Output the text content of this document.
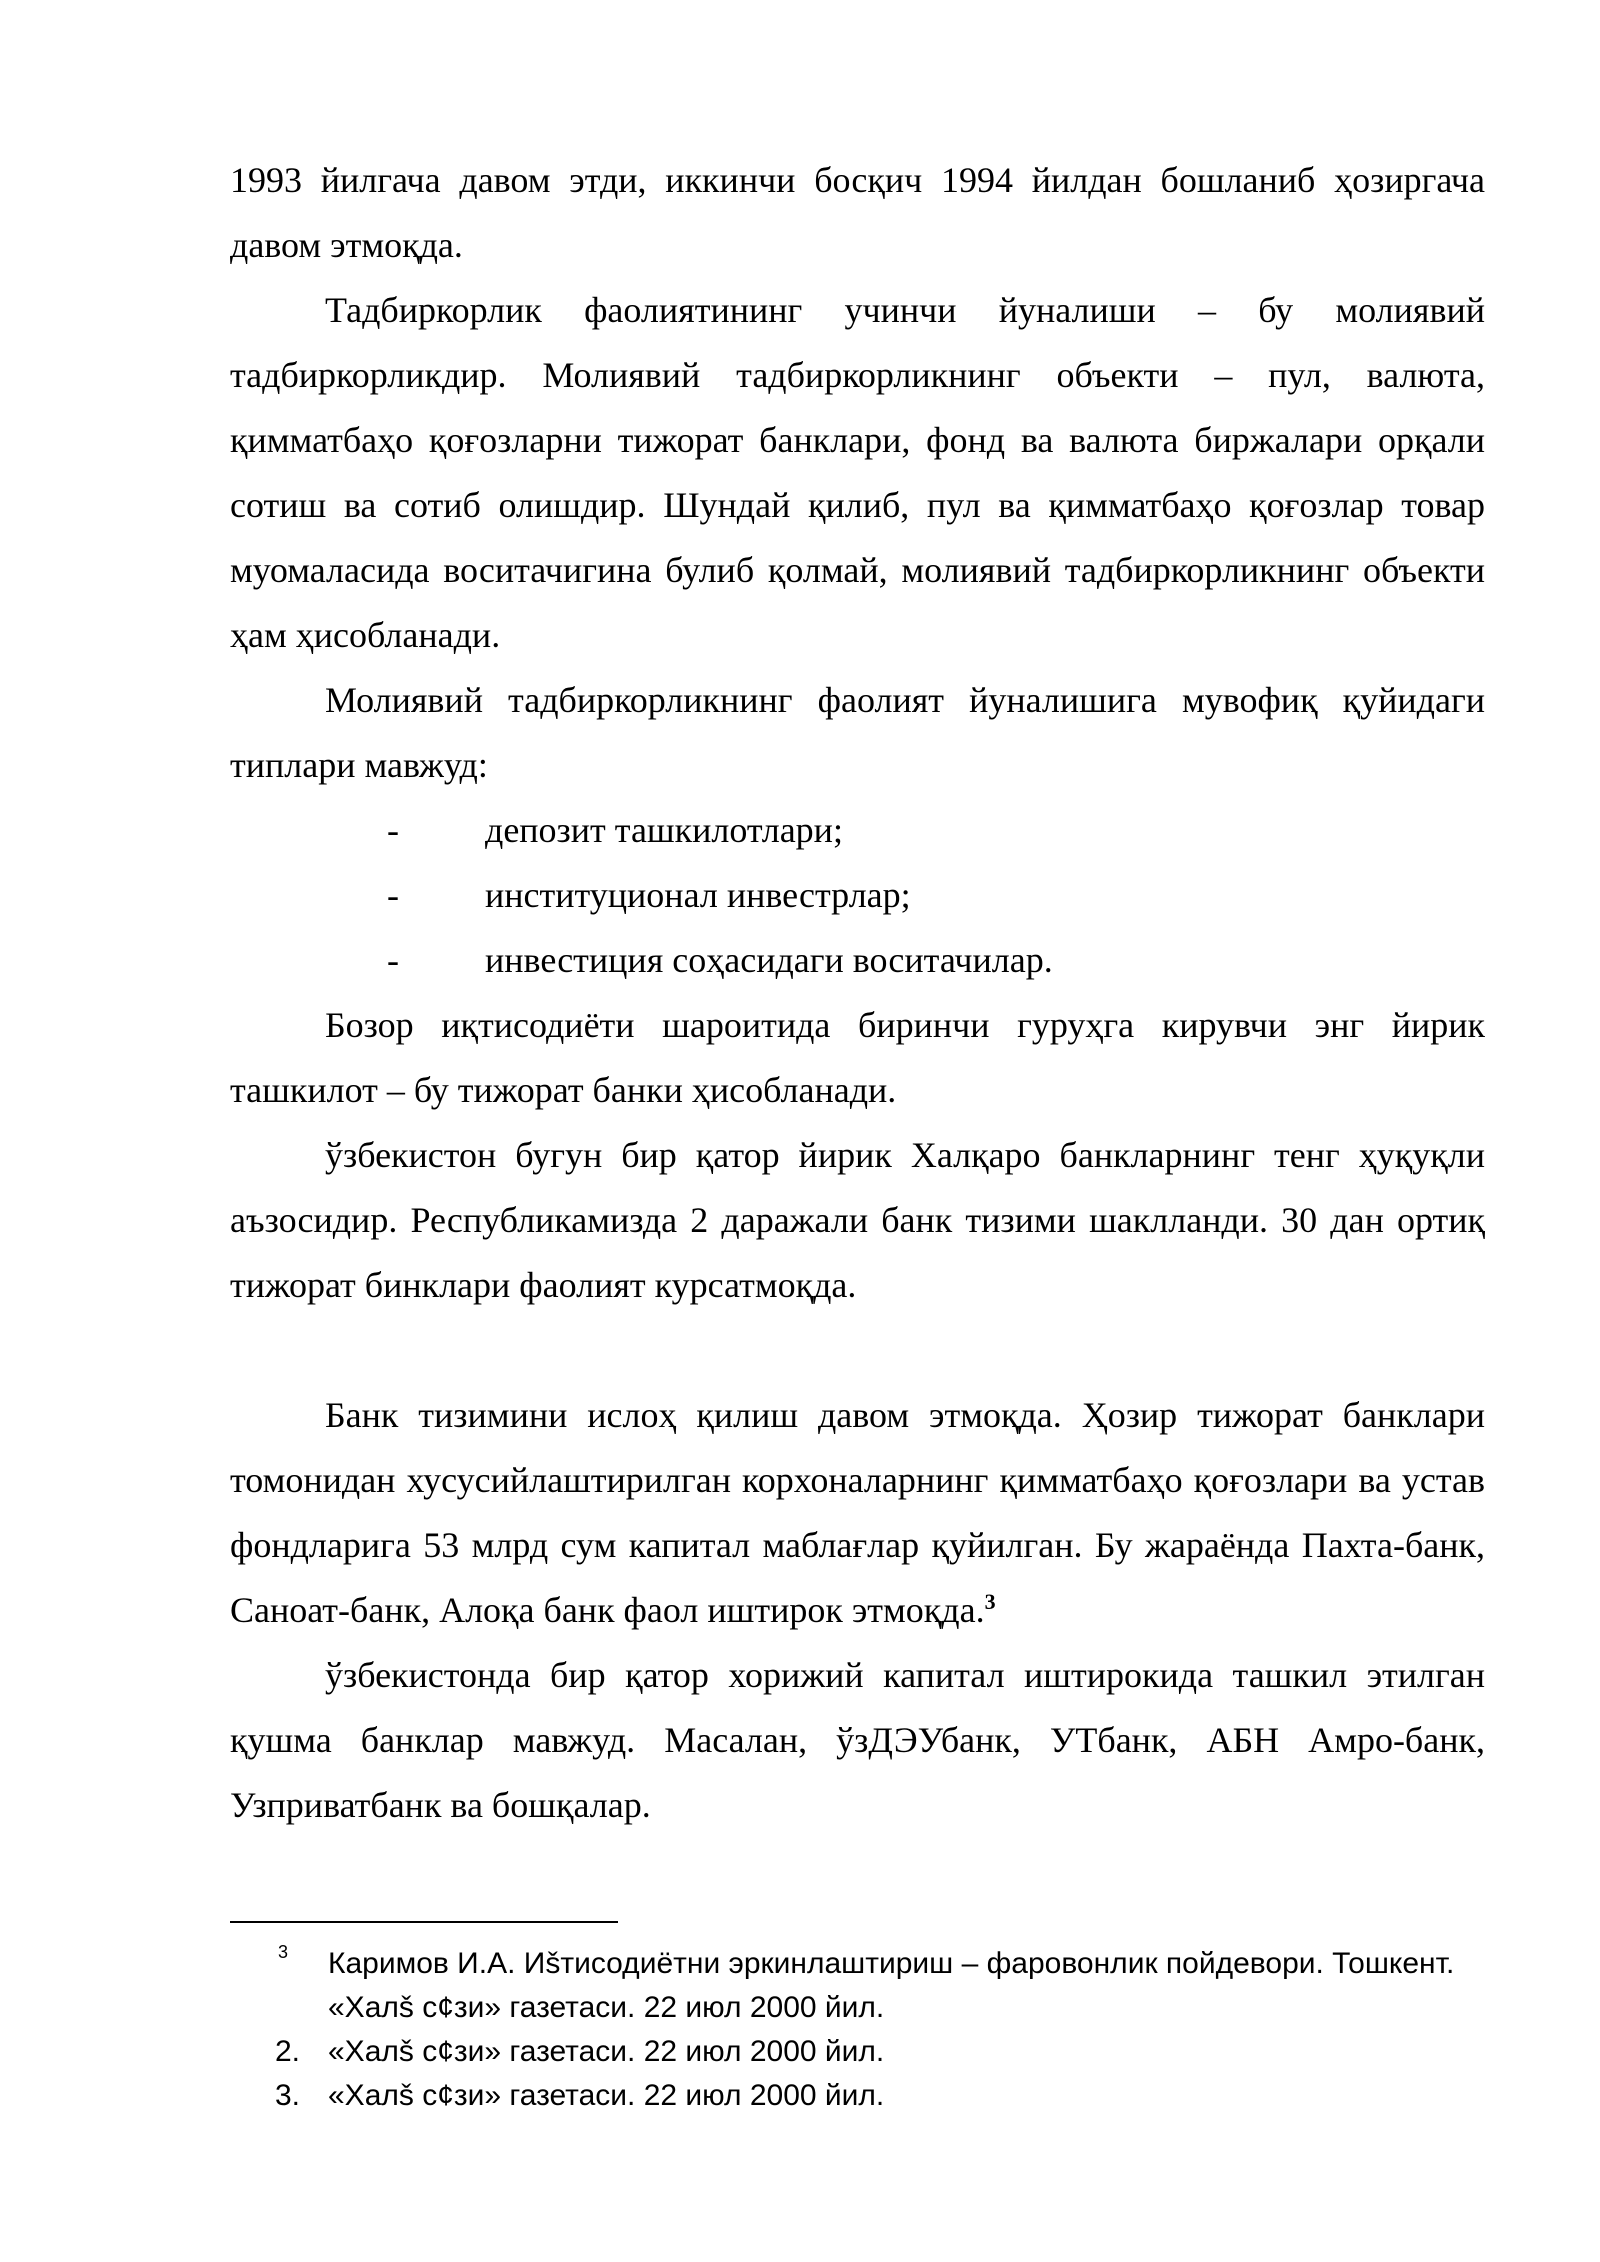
1993 йилгача давом этди, иккинчи босқич 1994 йилдан бошланиб ҳозиргача давом этмоқда.

Тадбиркорлик фаолиятининг учинчи йуналиши – бу молиявий тадбиркорликдир. Молиявий тадбиркорликнинг объекти – пул, валюта, қимматбаҳо қоғозларни тижорат банклари, фонд ва валюта биржалари орқали сотиш ва сотиб олишдир. Шундай қилиб, пул ва қимматбаҳо қоғозлар товар муомаласида воситачигина булиб қолмай, молиявий тадбиркорликнинг объекти ҳам ҳисобланади.

Молиявий тадбиркорликнинг фаолият йуналишига мувофиқ қуйидаги типлари мавжуд:

- депозит ташкилотлари;
- институционал инвестрлар;
- инвестиция соҳасидаги воситачилар.

Бозор иқтисодиёти шароитида биринчи гуруҳга кирувчи энг йирик ташкилот – бу тижорат банки ҳисобланади.

ўзбекистон бугун бир қатор йирик Халқаро банкларнинг тенг ҳуқуқли аъзосидир. Республикамизда 2 даражали банк тизими шаклланди. 30 дан ортиқ тижорат бинклари фаолият курсатмоқда.

Банк тизимини ислоҳ қилиш давом этмоқда. Ҳозир тижорат банклари томонидан хусусийлаштирилган корхоналарнинг қимматбаҳо қоғозлари ва устав фондларига 53 млрд сум капитал маблағлар қуйилган. Бу жараёнда Пахта-банк, Саноат-банк, Алоқа банк фаол иштирок этмоқда.$^3$

ўзбекистонда бир қатор хорижий капитал иштирокида ташкил этилган қушма банклар мавжуд. Масалан, ўзДЭУбанк, УТбанк, АБН Амро-банк, Узприватбанк ва бошқалар.

3 Каримов И.А. Иšтисодиётни эркинлаштириш – фаровонлик пойдевори. Тошкент. «Халš с¢зи» газетаси. 22 июл 2000 йил.
2. «Халš с¢зи» газетаси. 22 июл 2000 йил.
3. «Халš с¢зи» газетаси. 22 июл 2000 йил.
